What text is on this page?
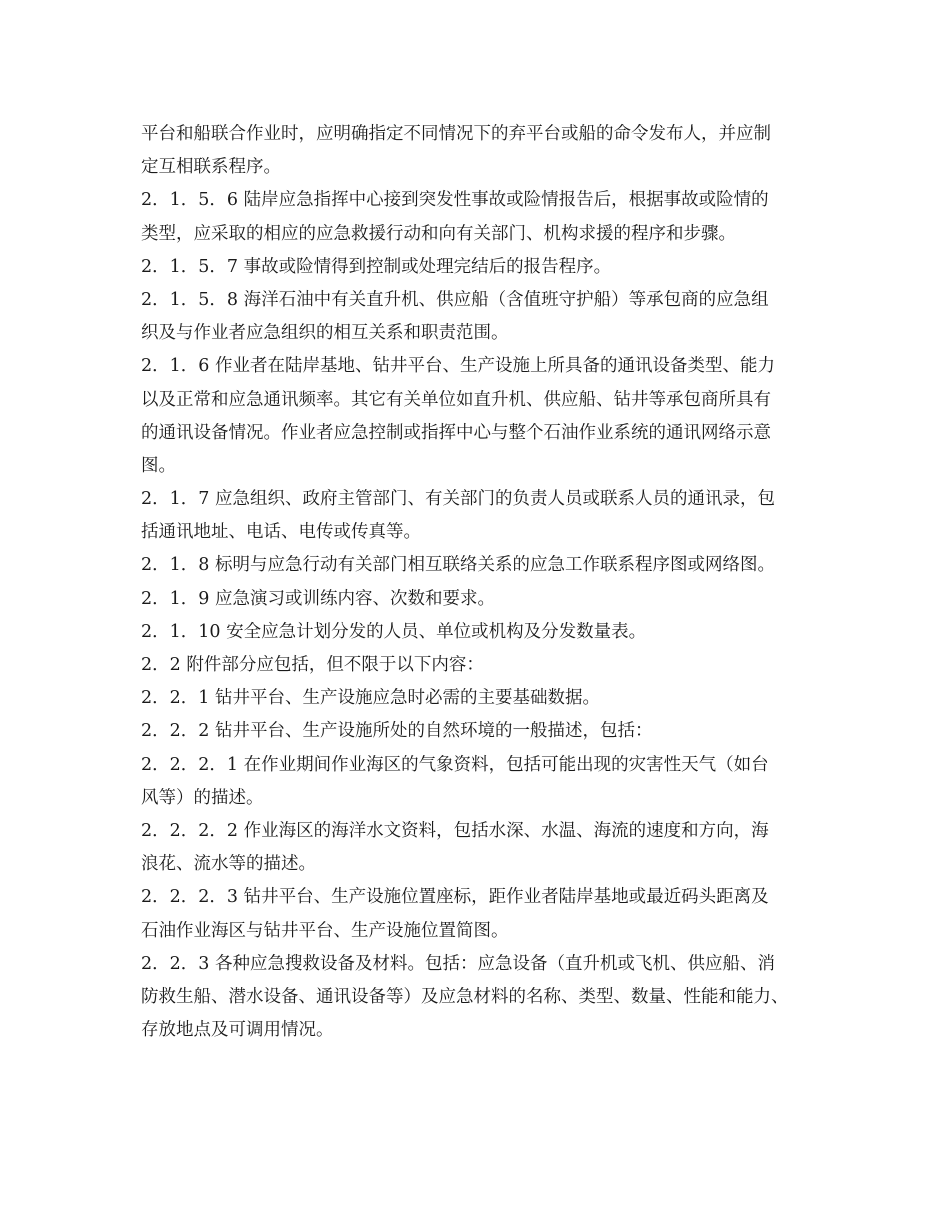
平台和船联合作业时，应明确指定不同情况下的弃平台或船的命令发布人，并应制
定互相联系程序。
2．1．5．6 陆岸应急指挥中心接到突发性事故或险情报告后，根据事故或险情的
类型，应采取的相应的应急救援行动和向有关部门、机构求援的程序和步骤。
2．1．5．7 事故或险情得到控制或处理完结后的报告程序。
2．1．5．8 海洋石油中有关直升机、供应船（含值班守护船）等承包商的应急组
织及与作业者应急组织的相互关系和职责范围。
2．1．6 作业者在陆岸基地、钻井平台、生产设施上所具备的通讯设备类型、能力
以及正常和应急通讯频率。其它有关单位如直升机、供应船、钻井等承包商所具有
的通讯设备情况。作业者应急控制或指挥中心与整个石油作业系统的通讯网络示意
图。
2．1．7 应急组织、政府主管部门、有关部门的负责人员或联系人员的通讯录，包
括通讯地址、电话、电传或传真等。
2．1．8 标明与应急行动有关部门相互联络关系的应急工作联系程序图或网络图。
2．1．9 应急演习或训练内容、次数和要求。
2．1．10 安全应急计划分发的人员、单位或机构及分发数量表。
2．2 附件部分应包括，但不限于以下内容：
2．2．1 钻井平台、生产设施应急时必需的主要基础数据。
2．2．2 钻井平台、生产设施所处的自然环境的一般描述，包括：
2．2．2．1 在作业期间作业海区的气象资料，包括可能出现的灾害性天气（如台
风等）的描述。
2．2．2．2 作业海区的海洋水文资料，包括水深、水温、海流的速度和方向，海
浪花、流水等的描述。
2．2．2．3 钻井平台、生产设施位置座标，距作业者陆岸基地或最近码头距离及
石油作业海区与钻井平台、生产设施位置简图。
2．2．3 各种应急搜救设备及材料。包括：应急设备（直升机或飞机、供应船、消
防救生船、潜水设备、通讯设备等）及应急材料的名称、类型、数量、性能和能力、
存放地点及可调用情况。
